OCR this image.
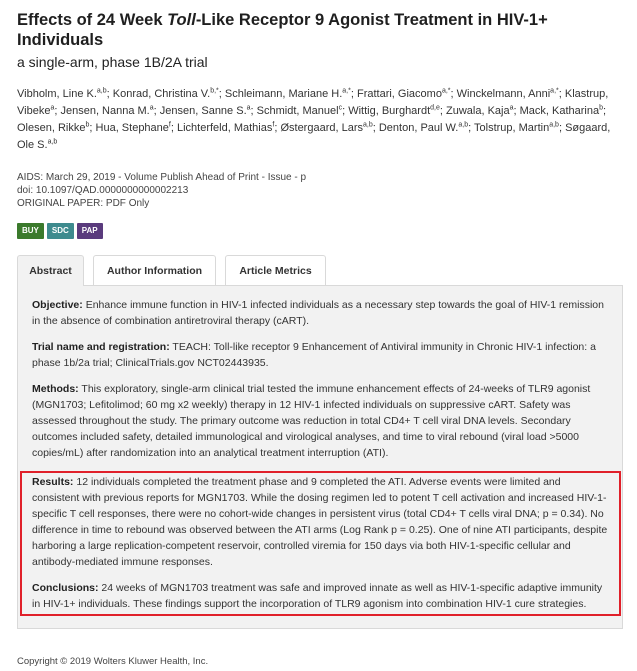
Effects of 24 Week Toll-Like Receptor 9 Agonist Treatment in HIV-1+ Individuals
a single-arm, phase 1B/2A trial
Vibholm, Line K.$^{a,b}$; Konrad, Christina V.$^{b,*}$; Schleimann, Mariane H.$^{a,*}$; Frattari, Giacomo$^{a,*}$; Winckelmann, Anni$^{a,*}$; Klastrup, Vibeke$^a$; Jensen, Nanna M.$^a$; Jensen, Sanne S.$^a$; Schmidt, Manuel$^c$; Wittig, Burghardt$^{d,e}$; Zuwala, Kaja$^a$; Mack, Katharina$^b$; Olesen, Rikke$^b$; Hua, Stephane$^f$; Lichterfeld, Mathias$^f$; Østergaard, Lars$^{a,b}$; Denton, Paul W.$^{a,b}$; Tolstrup, Martin$^{a,b}$; Søgaard, Ole S.$^{a,b}$
AIDS: March 29, 2019 - Volume Publish Ahead of Print - Issue - p
doi: 10.1097/QAD.0000000000002213
ORIGINAL PAPER: PDF Only
BUY	SDC	PAP
Abstract	Author Information	Article Metrics

Objective: Enhance immune function in HIV-1 infected individuals as a necessary step towards the goal of HIV-1 remission in the absence of combination antiretroviral therapy (cART).

Trial name and registration: TEACH: Toll-like receptor 9 Enhancement of Antiviral immunity in Chronic HIV-1 infection: a phase 1b/2a trial; ClinicalTrials.gov NCT02443935.

Methods: This exploratory, single-arm clinical trial tested the immune enhancement effects of 24-weeks of TLR9 agonist (MGN1703; Lefitolimod; 60 mg x2 weekly) therapy in 12 HIV-1 infected individuals on suppressive cART. Safety was assessed throughout the study. The primary outcome was reduction in total CD4+ T cell viral DNA levels. Secondary outcomes included safety, detailed immunological and virological analyses, and time to viral rebound (viral load >5000 copies/mL) after randomization into an analytical treatment interruption (ATI).

Results: 12 individuals completed the treatment phase and 9 completed the ATI. Adverse events were limited and consistent with previous reports for MGN1703. While the dosing regimen led to potent T cell activation and increased HIV-1-specific T cell responses, there were no cohort-wide changes in persistent virus (total CD4+ T cells viral DNA; p = 0.34). No difference in time to rebound was observed between the ATI arms (Log Rank p = 0.25). One of nine ATI participants, despite harboring a large replication-competent reservoir, controlled viremia for 150 days via both HIV-1-specific cellular and antibody-mediated immune responses.

Conclusions: 24 weeks of MGN1703 treatment was safe and improved innate as well as HIV-1-specific adaptive immunity in HIV-1+ individuals. These findings support the incorporation of TLR9 agonism into combination HIV-1 cure strategies.

Copyright © 2019 Wolters Kluwer Health, Inc.
